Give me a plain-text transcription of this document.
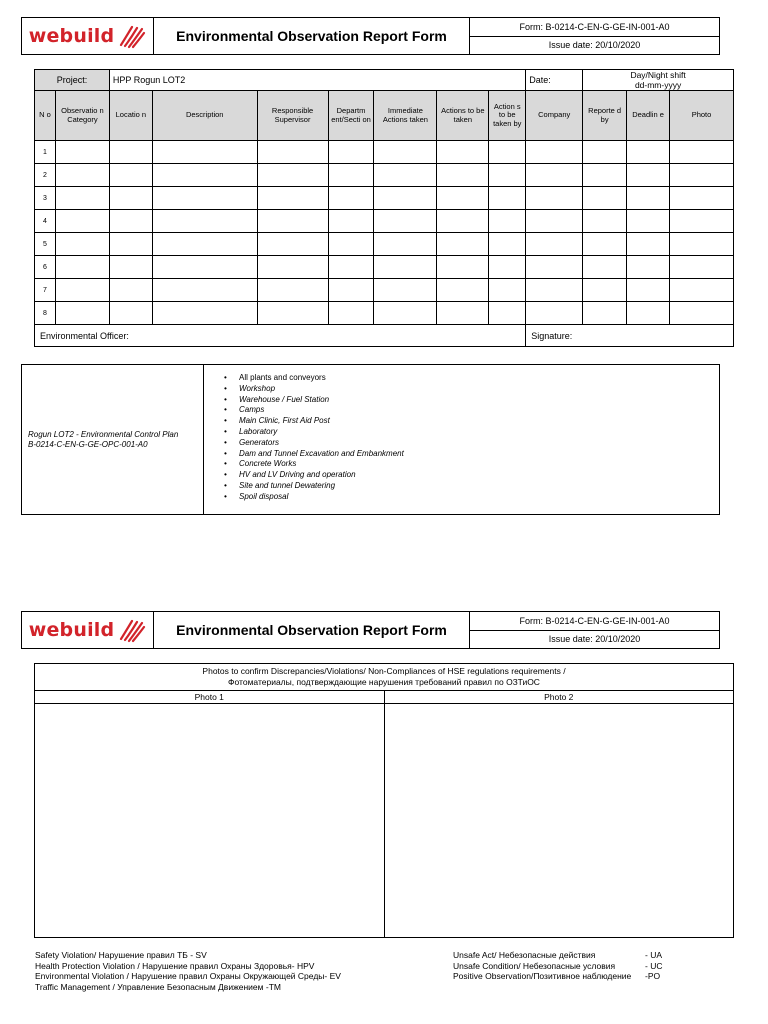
webuild	Environmental Observation Report Form
Form: B-0214-C-EN-G-GE-IN-001-A0
Issue date: 20/10/2020
Project:		HPP Rogun LOT2							Date:	Day/Night shift
dd-mm-yyyy		

N o	Observatio n Category	Locatio n	Description	Responsible Supervisor	Departm ent/Secti on	Immediate Actions taken	Actions to be taken	Action s to be taken by	Company	Reporte d by	Deadlin e	Photo
1												
2												
3												
4												
5												
6												
7												
8												
Environmental Officer:									Signature:			
Rogun LOT2 - Environmental Control Plan
B-0214-C-EN-G-GE-OPC-001-A0
• All plants and conveyors
• Workshop
• Warehouse / Fuel Station
• Camps
• Main Clinic, First Aid Post
• Laboratory
• Generators
• Dam and Tunnel Excavation and Embankment
• Concrete Works
• HV and LV Driving and operation
• Site and tunnel Dewatering
• Spoil disposal
webuild	Environmental Observation Report Form
Form: B-0214-C-EN-G-GE-IN-001-A0
Issue date: 20/10/2020
Photos to confirm Discrepancies/Violations/ Non-Compliances of HSE regulations requirements /
Фотоматериалы, подтверждающие нарушения требований правил по ОЗТиОС
Photo 1	Photo 2
Safety Violation/ Нарушение правил ТБ - SV
Health Protection Violation / Нарушение правил Охраны Здоровья- HPV
Environmental Violation / Нарушение правил Охраны Окружающей Среды- EV
Traffic Management / Управление Безопасным Движением -TM
Unsafe Act/ Небезопасные действия	- UA
Unsafe Condition/ Небезопасные условия	- UC
Positive Observation/Позитивное наблюдение	-PO
